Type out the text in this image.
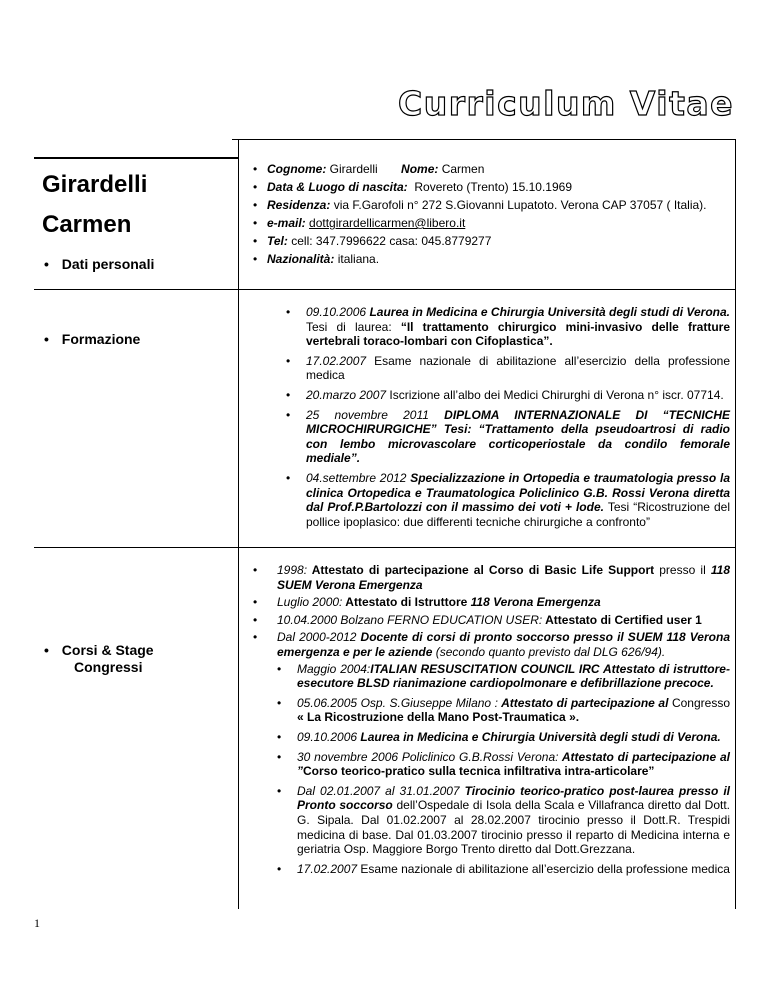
Curriculum Vitae
Girardelli
Carmen
• Dati personali
• Formazione
• Corsi & Stage
Congressi
• Cognome: Girardelli Nome: Carmen
• Data & Luogo di nascita: Rovereto (Trento) 15.10.1969
• Residenza: via F.Garofoli n° 272 S.Giovanni Lupatoto. Verona CAP 37057 ( Italia).
• e-mail: dottgirardellicarmen@libero.it
• Tel: cell: 347.7996622 casa: 045.8779277
• Nazionalità: italiana.
• 09.10.2006 Laurea in Medicina e Chirurgia Università degli studi di Verona. Tesi di laurea: “Il trattamento chirurgico mini-invasivo delle fratture vertebrali toraco-lombari con Cifoplastica”.
• 17.02.2007 Esame nazionale di abilitazione all’esercizio della professione medica
• 20.marzo 2007 Iscrizione all’albo dei Medici Chirurghi di Verona n° iscr. 07714.
• 25 novembre 2011 DIPLOMA INTERNAZIONALE DI “TECNICHE MICROCHIRURGICHE” Tesi: “Trattamento della pseudoartrosi di radio con lembo microvascolare corticoperiostale da condilo femorale mediale”.
• 04.settembre 2012 Specializzazione in Ortopedia e traumatologia presso la clinica Ortopedica e Traumatologica Policlinico G.B. Rossi Verona diretta dal Prof.P.Bartolozzi con il massimo dei voti + lode. Tesi “Ricostruzione del pollice ipoplasico: due differenti tecniche chirurgiche a confronto”
• 1998: Attestato di partecipazione al Corso di Basic Life Support presso il 118 SUEM Verona Emergenza
• Luglio 2000: Attestato di Istruttore 118 Verona Emergenza
• 10.04.2000 Bolzano FERNO EDUCATION USER: Attestato di Certified user 1
• Dal 2000-2012 Docente di corsi di pronto soccorso presso il SUEM 118 Verona emergenza e per le aziende (secondo quanto previsto dal DLG 626/94).
• Maggio 2004:ITALIAN RESUSCITATION COUNCIL IRC Attestato di istruttore- esecutore BLSD rianimazione cardiopolmonare e defibrillazione precoce.
• 05.06.2005 Osp. S.Giuseppe Milano : Attestato di partecipazione al Congresso « La Ricostruzione della Mano Post-Traumatica ».
• 09.10.2006 Laurea in Medicina e Chirurgia Università degli studi di Verona.
• 30 novembre 2006 Policlinico G.B.Rossi Verona: Attestato di partecipazione al ”Corso teorico-pratico sulla tecnica infiltrativa intra-articolare”
• Dal 02.01.2007 al 31.01.2007 Tirocinio teorico-pratico post-laurea presso il Pronto soccorso dell’Ospedale di Isola della Scala e Villafranca diretto dal Dott. G. Sipala. Dal 01.02.2007 al 28.02.2007 tirocinio presso il Dott.R. Trespidi medicina di base. Dal 01.03.2007 tirocinio presso il reparto di Medicina interna e geriatria Osp. Maggiore Borgo Trento diretto dal Dott.Grezzana.
• 17.02.2007 Esame nazionale di abilitazione all’esercizio della professione medica
1
